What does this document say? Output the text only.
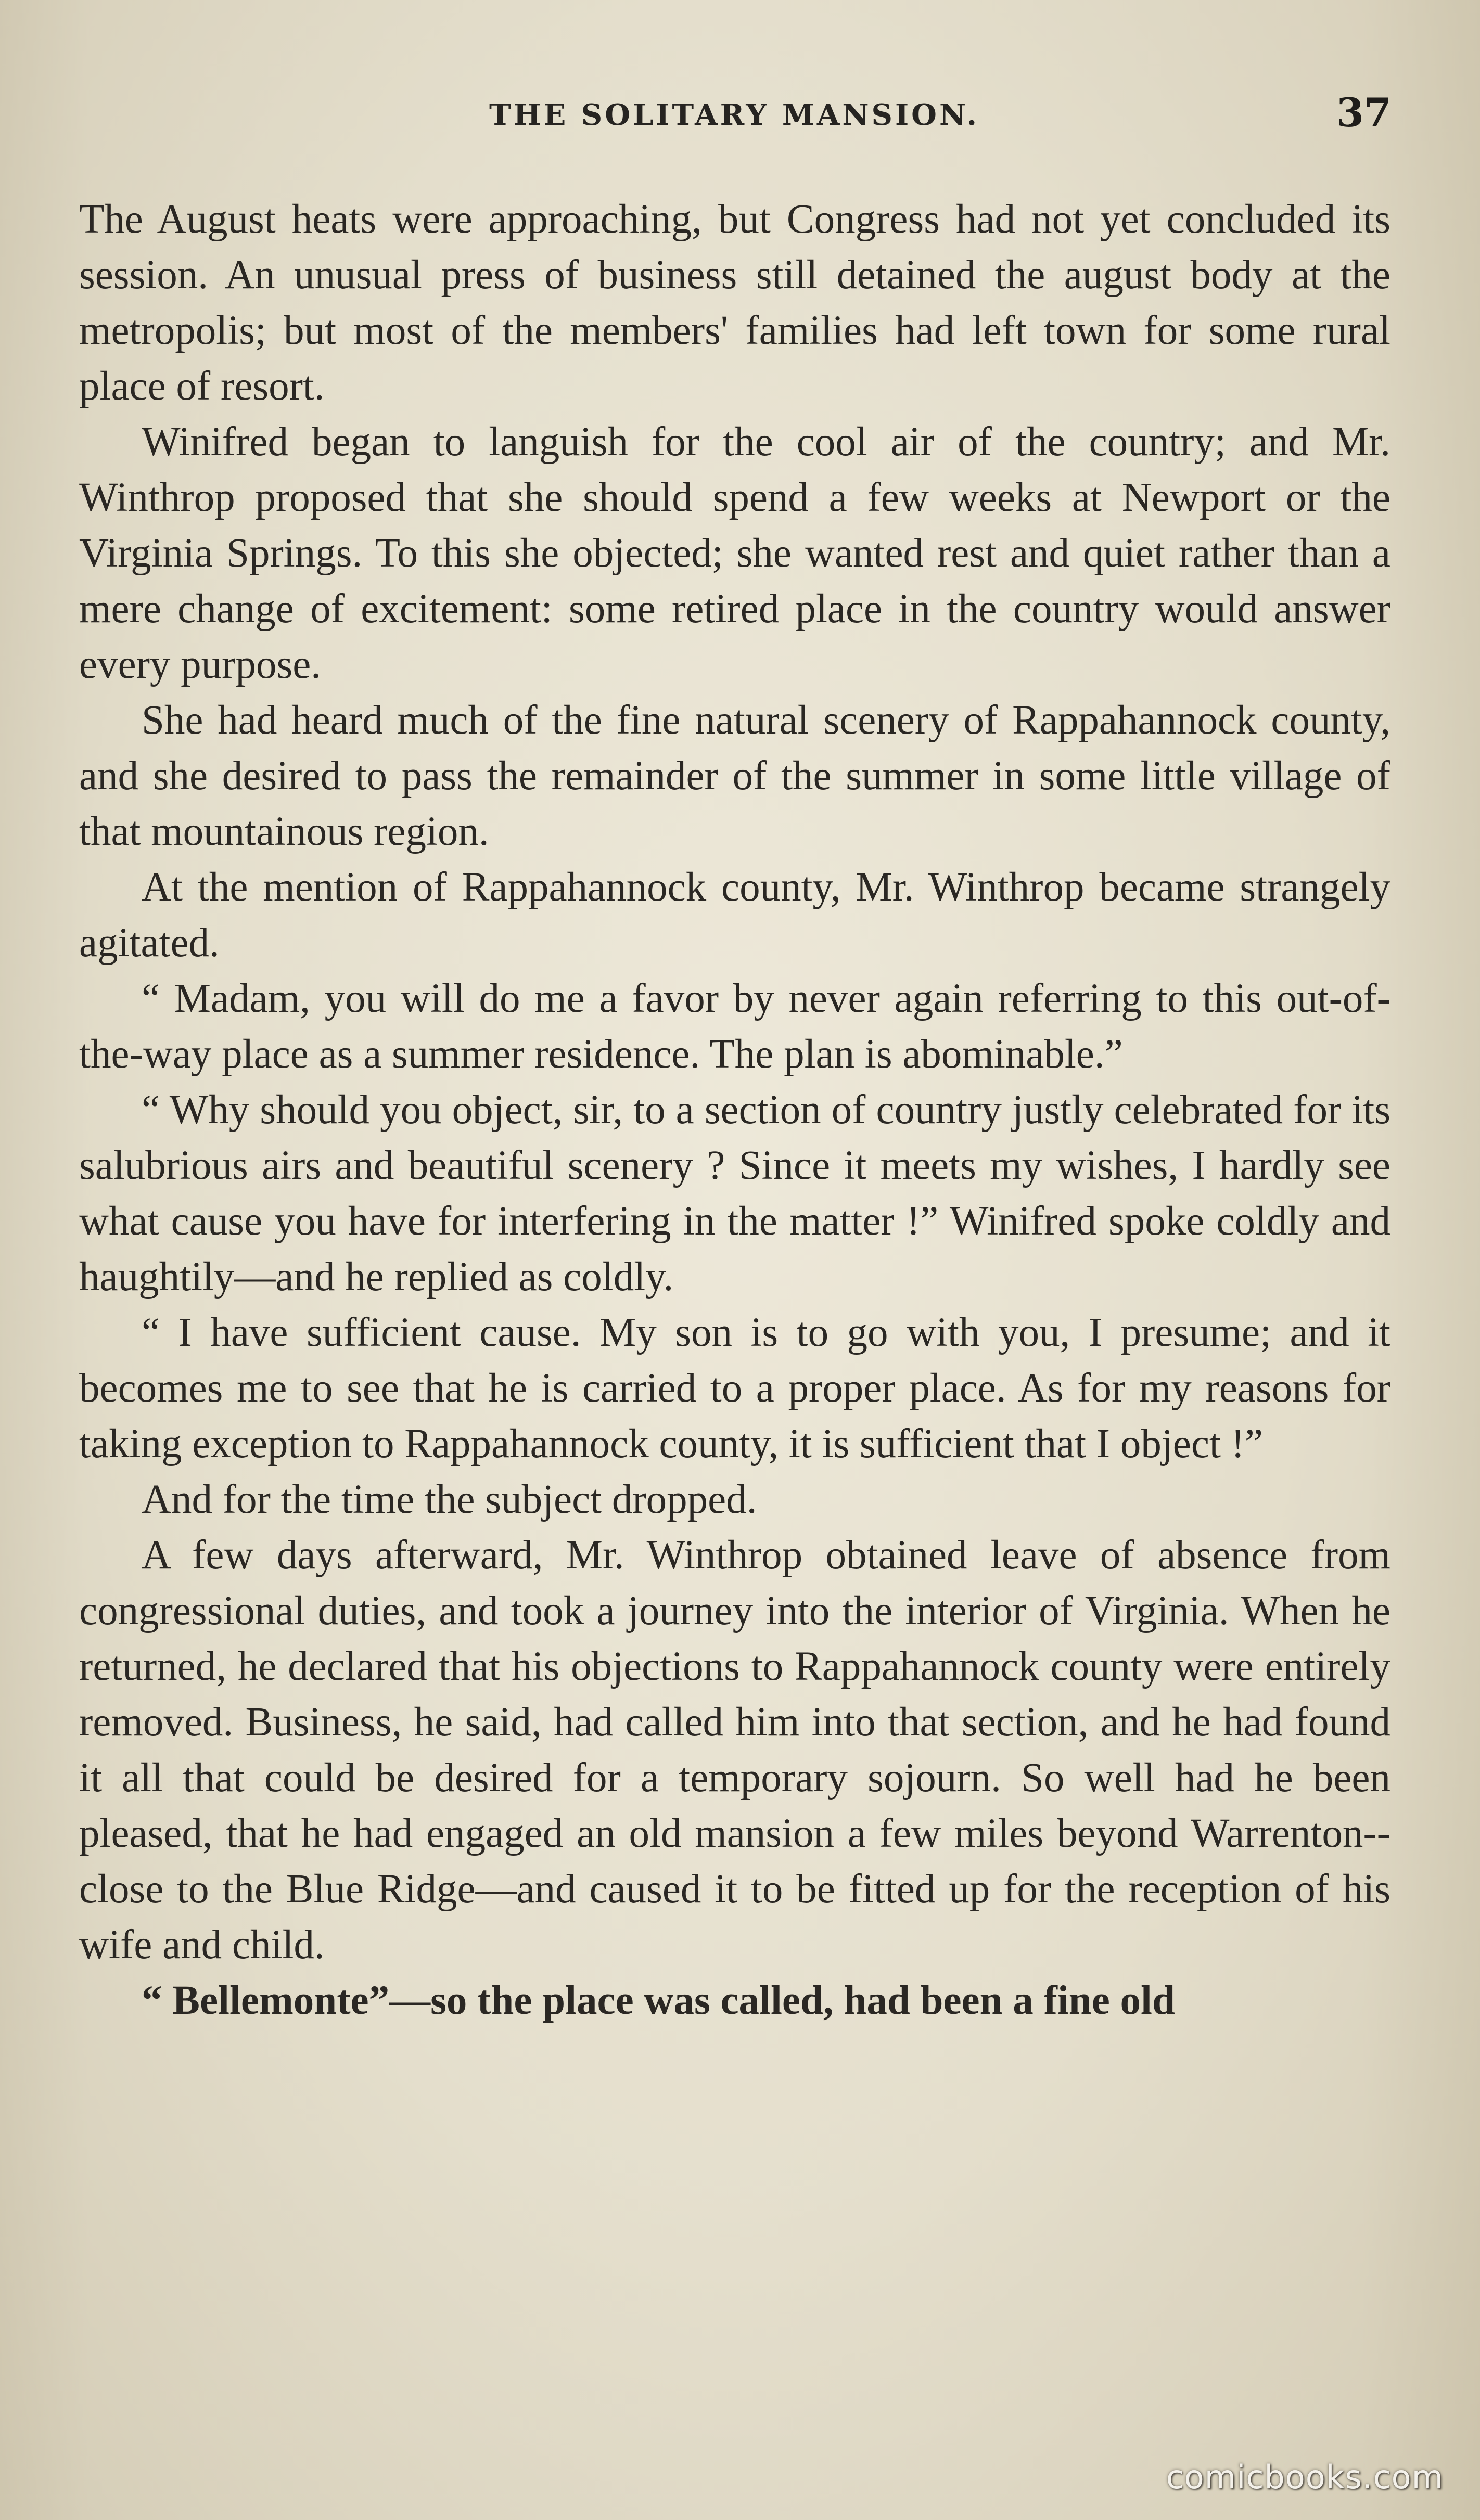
THE SOLITARY MANSION.	37

The August heats were approaching, but Congress had not yet concluded its session. An unusual press of business still detained the august body at the metropolis; but most of the members' families had left town for some rural place of resort.

Winifred began to languish for the cool air of the country; and Mr. Winthrop proposed that she should spend a few weeks at Newport or the Virginia Springs. To this she objected; she wanted rest and quiet rather than a mere change of excitement: some retired place in the country would answer every purpose.

She had heard much of the fine natural scenery of Rappahannock county, and she desired to pass the remainder of the summer in some little village of that mountainous region.

At the mention of Rappahannock county, Mr. Winthrop became strangely agitated.

“ Madam, you will do me a favor by never again referring to this out-of-the-way place as a summer residence. The plan is abominable.”

“ Why should you object, sir, to a section of country justly celebrated for its salubrious airs and beautiful scenery ? Since it meets my wishes, I hardly see what cause you have for interfering in the matter !” Winifred spoke coldly and haughtily—and he replied as coldly.

“ I have sufficient cause. My son is to go with you, I presume; and it becomes me to see that he is carried to a proper place. As for my reasons for taking exception to Rappahannock county, it is sufficient that I object !”

And for the time the subject dropped.

A few days afterward, Mr. Winthrop obtained leave of absence from congressional duties, and took a journey into the interior of Virginia. When he returned, he declared that his objections to Rappahannock county were entirely removed. Business, he said, had called him into that section, and he had found it all that could be desired for a temporary sojourn. So well had he been pleased, that he had engaged an old mansion a few miles beyond Warrenton--close to the Blue Ridge—and caused it to be fitted up for the reception of his wife and child.

“ Bellemonte”—so the place was called, had been a fine old

comicbooks.com
